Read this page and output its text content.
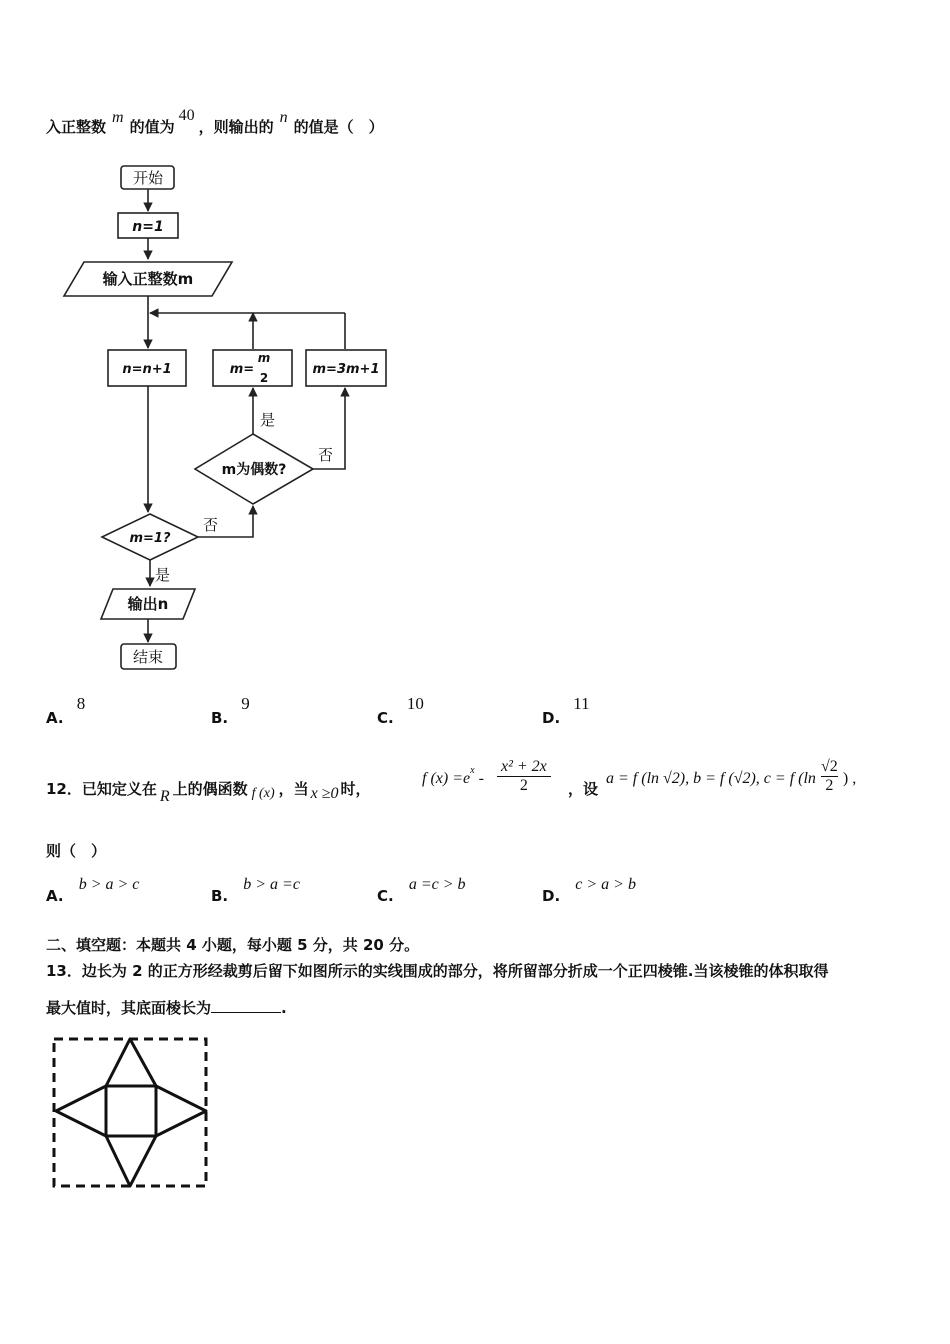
入正整数m的值为40，则输出的n的值是（　）
开始
n=1
输入正整数m
n=n+1	m=
m
2
m=3m+1
m为偶数?
m=1?
是
否
否
是
输出n
结束
A. 8
B. 9
C. 10
D. 11
12．已知定义在 R 上的偶函数 f (x) ，当 x ≥0 时，
f $(x) =ex - \frac{\text{x² + 2x}}{2}$ ，设
a = f (ln √2), b = f (√2), c = f ($\ln \frac{√2}{2}$ ) ,
则（　）
A. b > a > c
B. b > a =c
C. a =c > b
D. c > a > b
二、填空题：本题共 4 小题，每小题 5 分，共 20 分。
13．边长为 2 的正方形经裁剪后留下如图所示的实线围成的部分，将所留部分折成一个正四棱锥.当该棱锥的体积取得
最大值时，其底面棱长为	.
